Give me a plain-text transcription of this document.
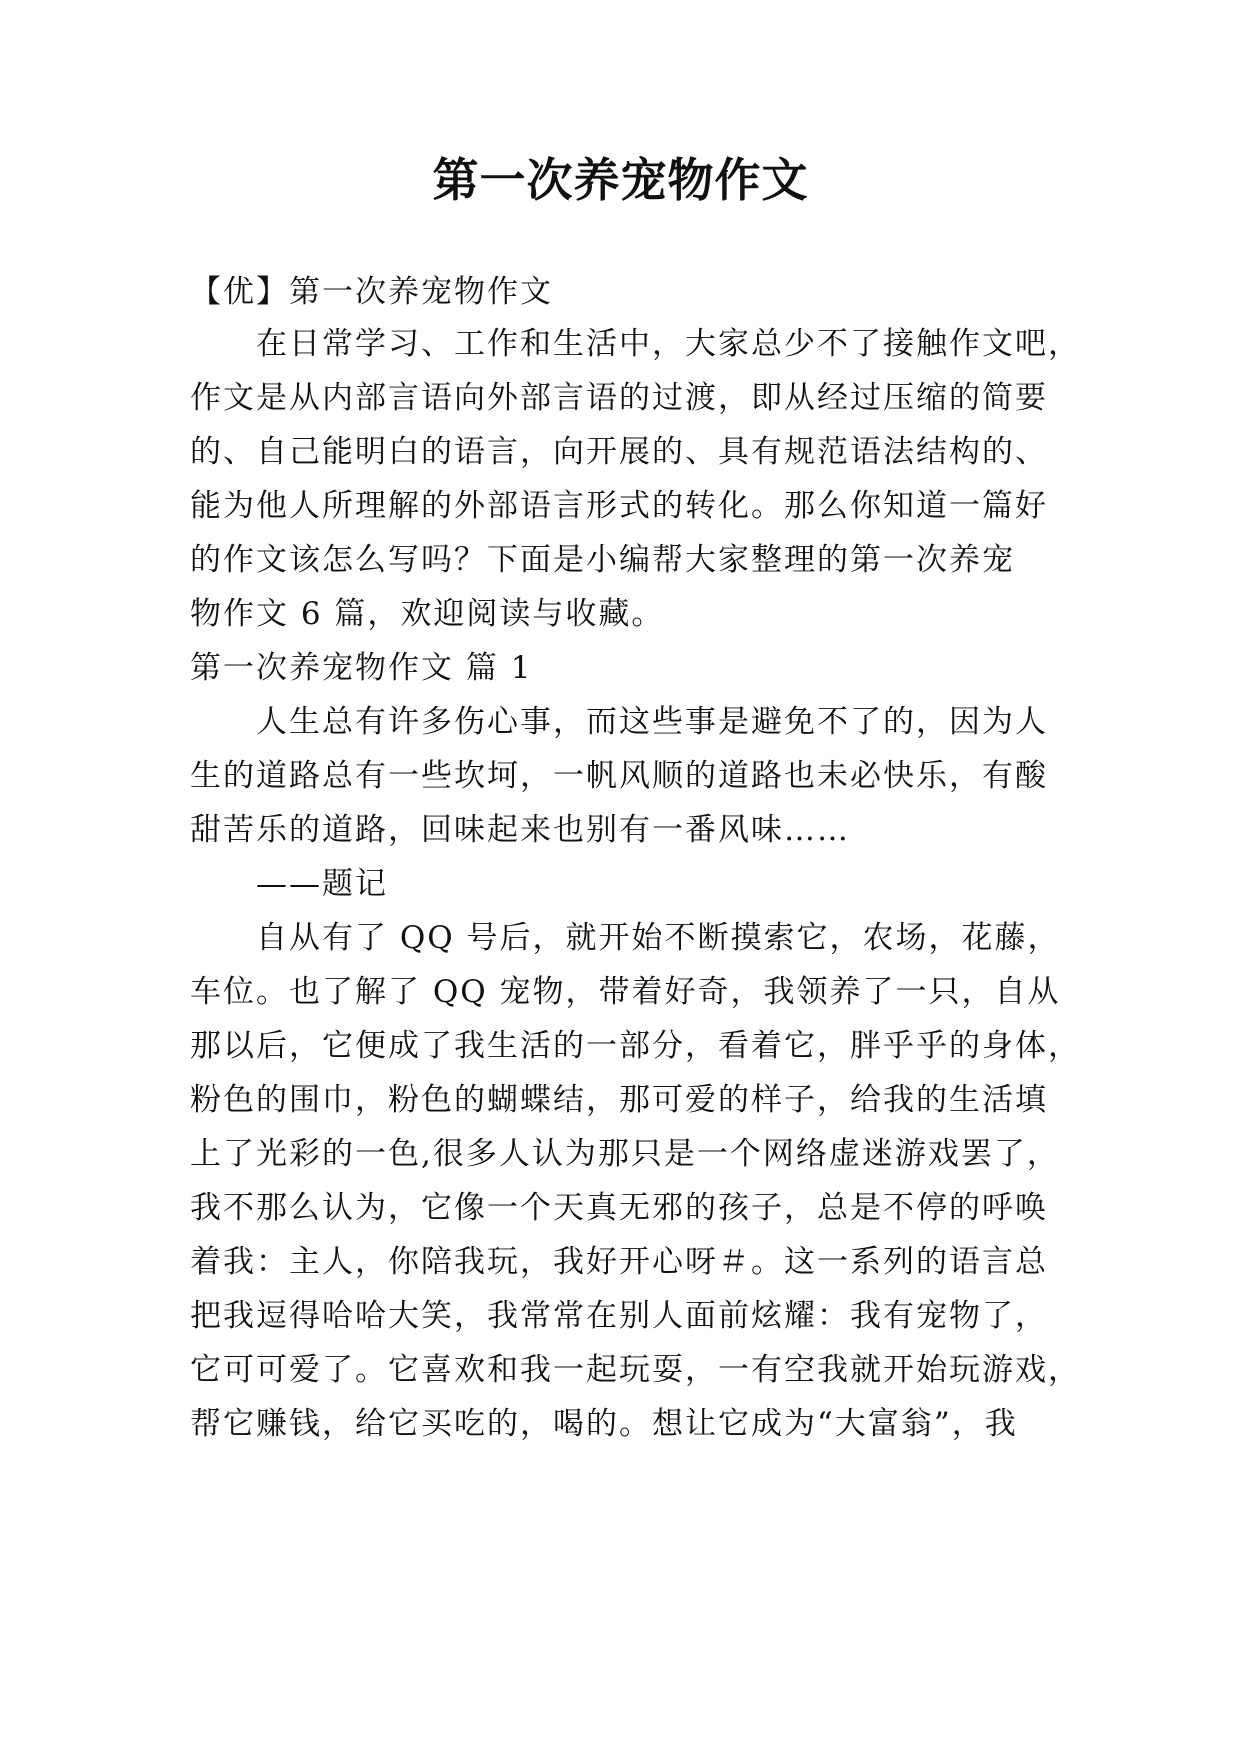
第一次养宠物作文
【优】第一次养宠物作文
在日常学习、工作和生活中，大家总少不了接触作文吧，
作文是从内部言语向外部言语的过渡，即从经过压缩的简要
的、自己能明白的语言，向开展的、具有规范语法结构的、
能为他人所理解的外部语言形式的转化。那么你知道一篇好
的作文该怎么写吗？下面是小编帮大家整理的第一次养宠
物作文 6 篇，欢迎阅读与收藏。
第一次养宠物作文 篇 1
人生总有许多伤心事，而这些事是避免不了的，因为人
生的道路总有一些坎坷，一帆风顺的道路也未必快乐，有酸
甜苦乐的道路，回味起来也别有一番风味……
——题记
自从有了 QQ 号后，就开始不断摸索它，农场，花藤，
车位。也了解了 QQ 宠物，带着好奇，我领养了一只，自从
那以后，它便成了我生活的一部分，看着它，胖乎乎的身体，
粉色的围巾，粉色的蝴蝶结，那可爱的样子，给我的生活填
上了光彩的一色,很多人认为那只是一个网络虚迷游戏罢了，
我不那么认为，它像一个天真无邪的孩子，总是不停的呼唤
着我：主人，你陪我玩，我好开心呀＃。这一系列的语言总
把我逗得哈哈大笑，我常常在别人面前炫耀：我有宠物了，
它可可爱了。它喜欢和我一起玩耍，一有空我就开始玩游戏，
帮它赚钱，给它买吃的，喝的。想让它成为“大富翁”，我
